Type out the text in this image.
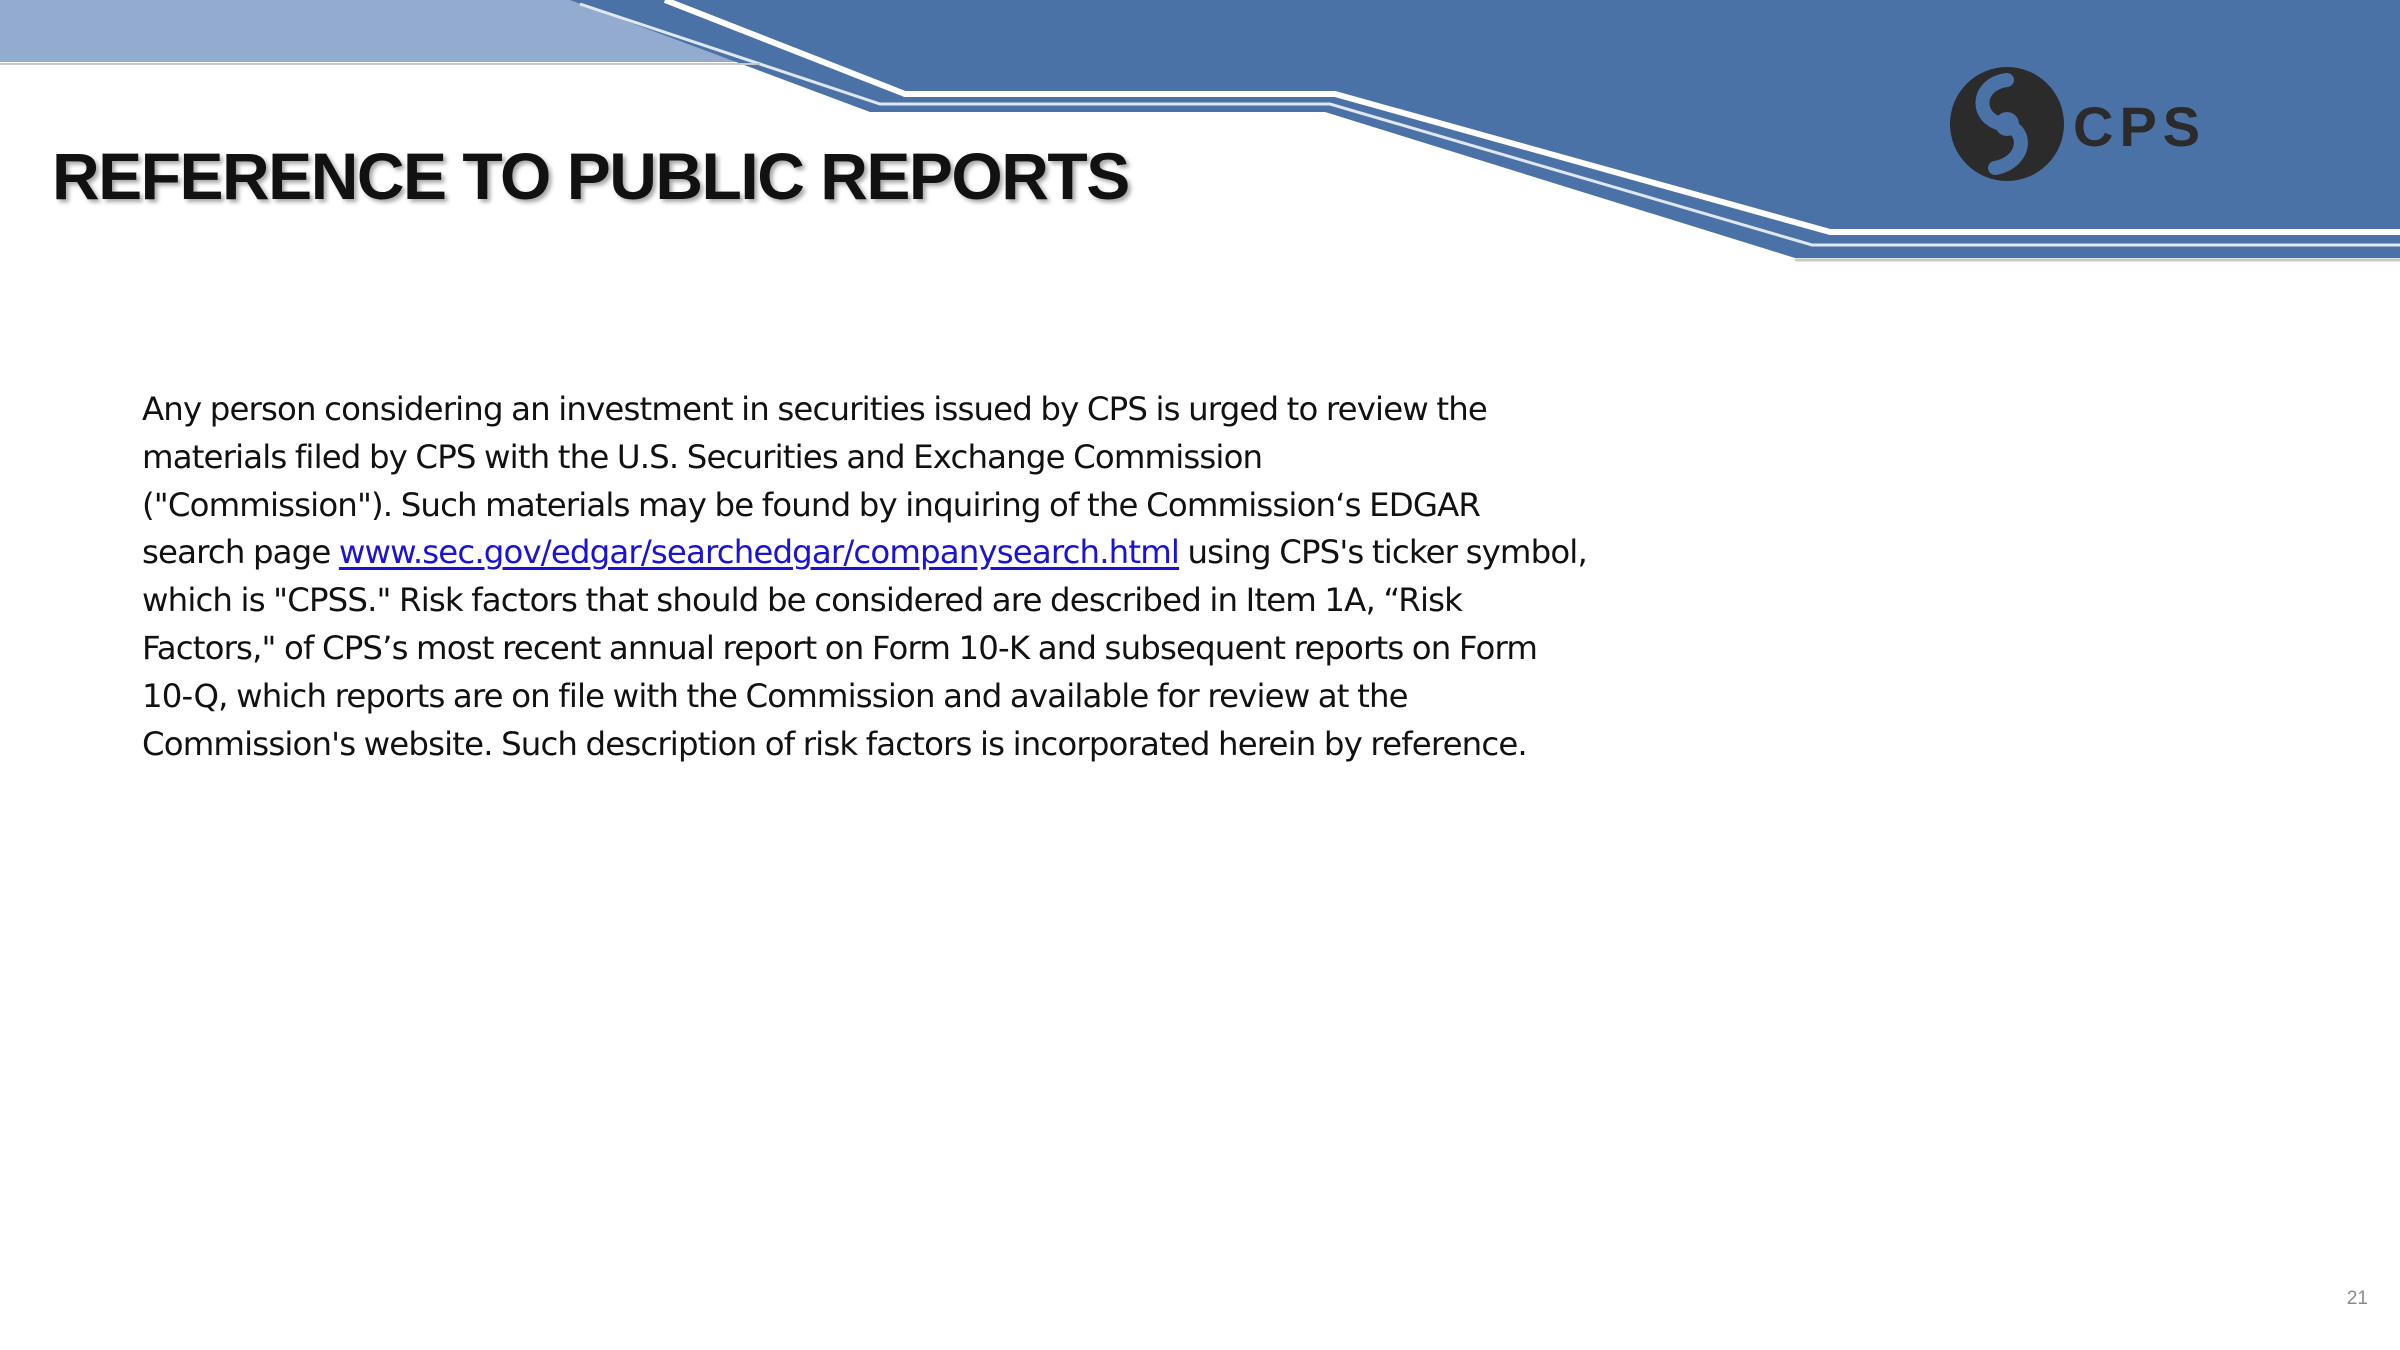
CPS
REFERENCE TO PUBLIC REPORTS
Any person considering an investment in securities issued by CPS is urged to review the
materials filed by CPS with the U.S. Securities and Exchange Commission
("Commission"). Such materials may be found by inquiring of the Commission‘s EDGAR
search page www.sec.gov/edgar/searchedgar/companysearch.html using CPS's ticker symbol,
which is "CPSS." Risk factors that should be considered are described in Item 1A, “Risk
Factors," of CPS’s most recent annual report on Form 10-K and subsequent reports on Form
10-Q, which reports are on file with the Commission and available for review at the
Commission's website. Such description of risk factors is incorporated herein by reference.
21
